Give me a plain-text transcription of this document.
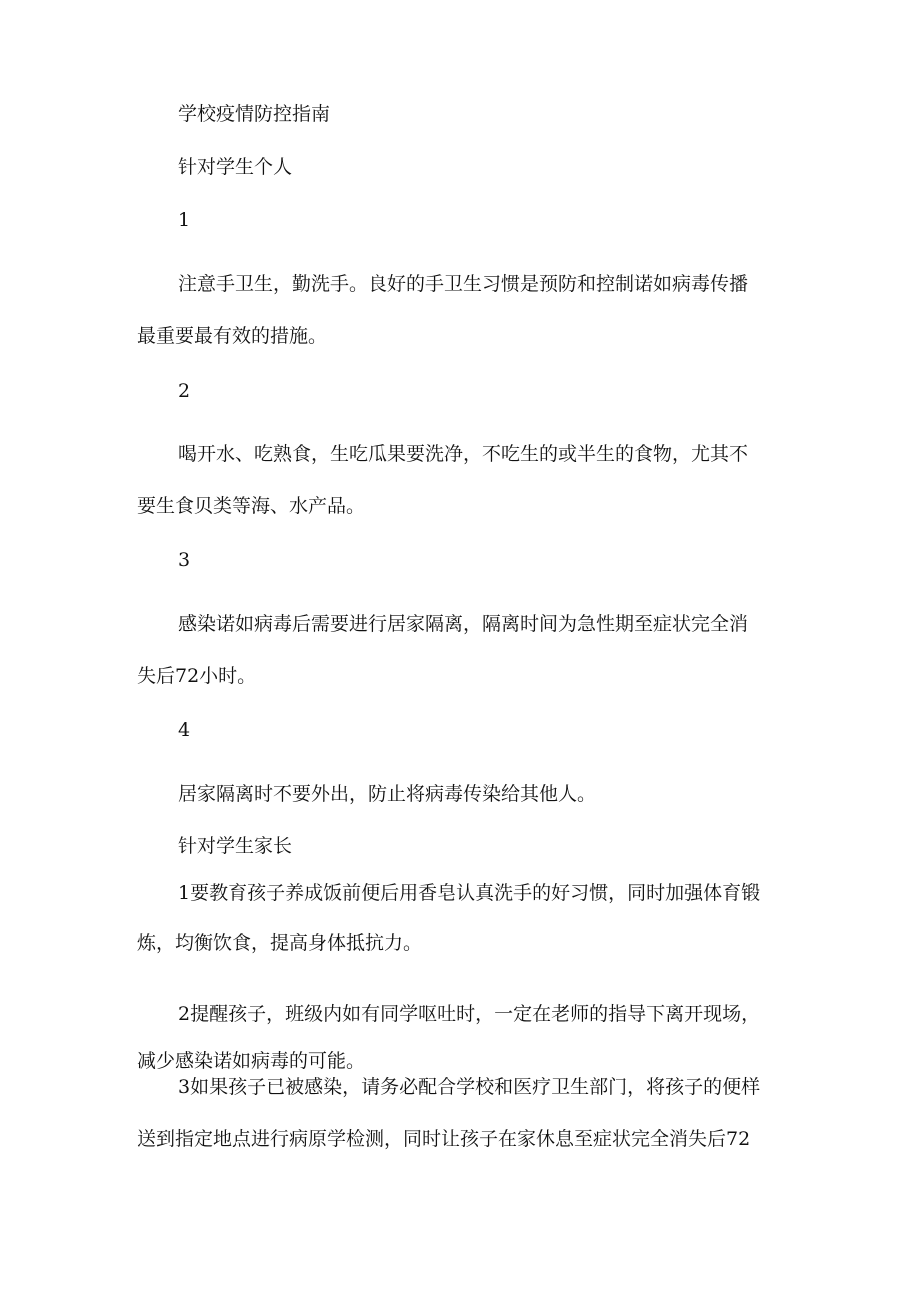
学校疫情防控指南
针对学生个人
1
注意手卫生，勤洗手。良好的手卫生习惯是预防和控制诺如病毒传播
最重要最有效的措施。
2
喝开水、吃熟食，生吃瓜果要洗净，不吃生的或半生的食物，尤其不
要生食贝类等海、水产品。
3
感染诺如病毒后需要进行居家隔离，隔离时间为急性期至症状完全消
失后72小时。
4
居家隔离时不要外出，防止将病毒传染给其他人。
针对学生家长
1要教育孩子养成饭前便后用香皂认真洗手的好习惯，同时加强体育锻
炼，均衡饮食，提高身体抵抗力。
2提醒孩子，班级内如有同学呕吐时，一定在老师的指导下离开现场，
减少感染诺如病毒的可能。
3如果孩子已被感染，请务必配合学校和医疗卫生部门，将孩子的便样
送到指定地点进行病原学检测，同时让孩子在家休息至症状完全消失后72
